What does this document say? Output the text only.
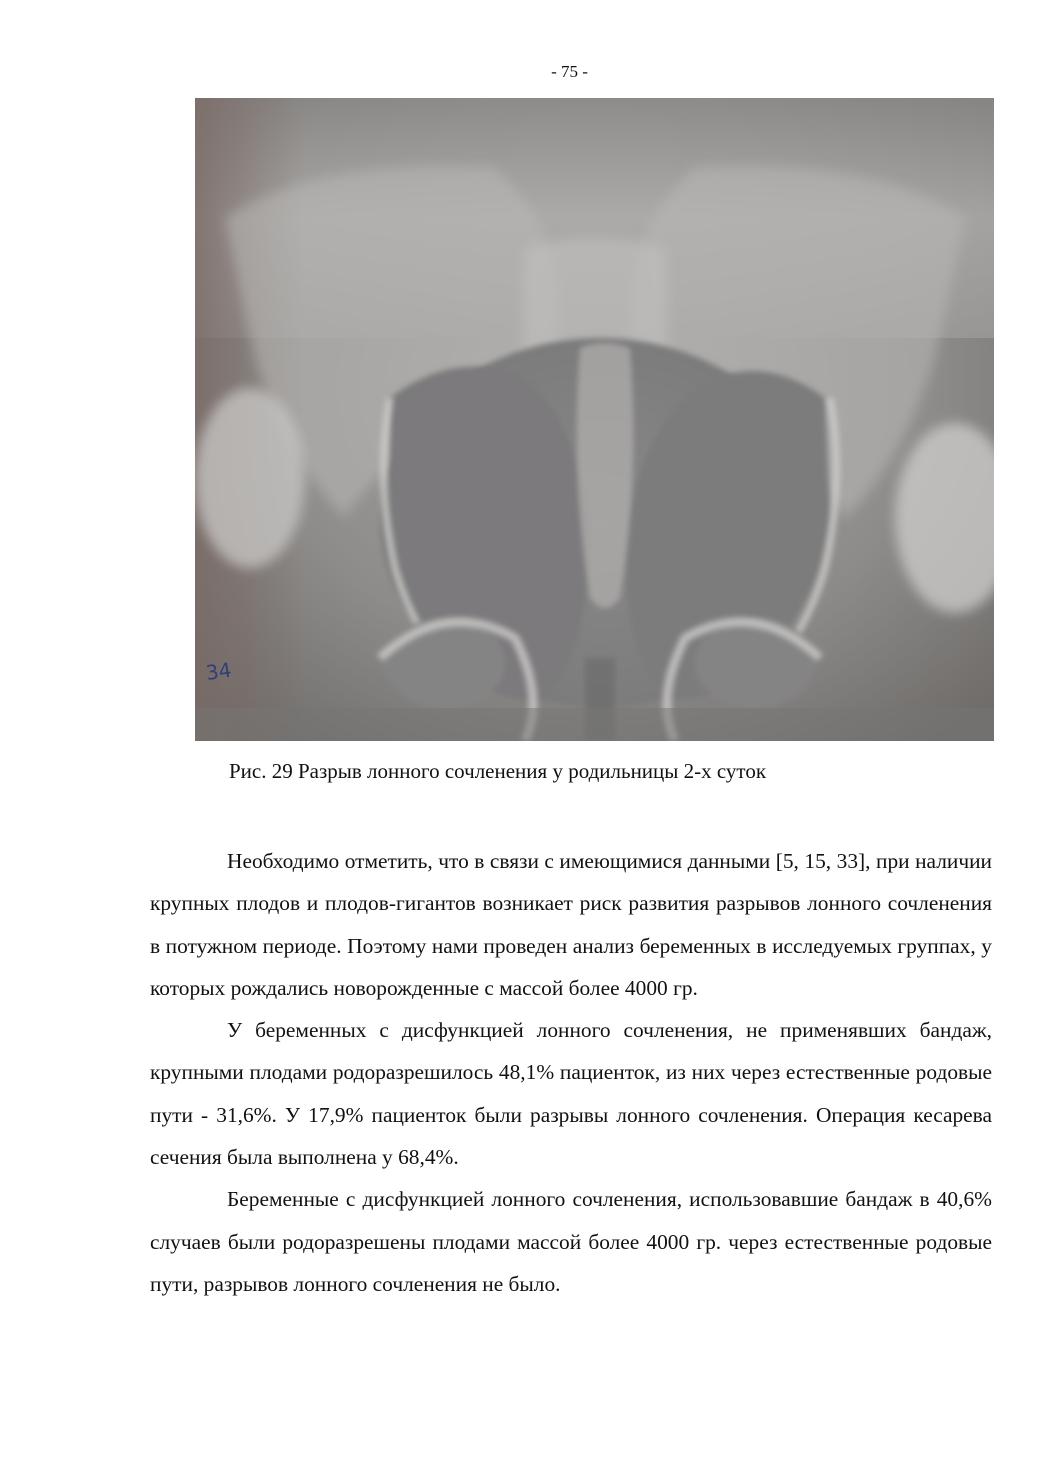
- 75 -
34
Рис. 29 Разрыв лонного сочленения у родильницы 2-х суток

Необходимо отметить, что в связи с имеющимися данными [5, 15, 33], при наличии крупных плодов и плодов-гигантов возникает риск развития разрывов лонного сочленения в потужном периоде. Поэтому нами проведен анализ беременных в исследуемых группах, у которых рождались новорожденные с массой более 4000 гр.

У беременных с дисфункцией лонного сочленения, не применявших бандаж, крупными плодами родоразрешилось 48,1% пациенток, из них через естественные родовые пути - 31,6%. У 17,9% пациенток были разрывы лонного сочленения. Операция кесарева сечения была выполнена у 68,4%.

Беременные с дисфункцией лонного сочленения, использовавшие бандаж в 40,6% случаев были родоразрешены плодами массой более 4000 гр. через естественные родовые пути, разрывов лонного сочленения не было.
